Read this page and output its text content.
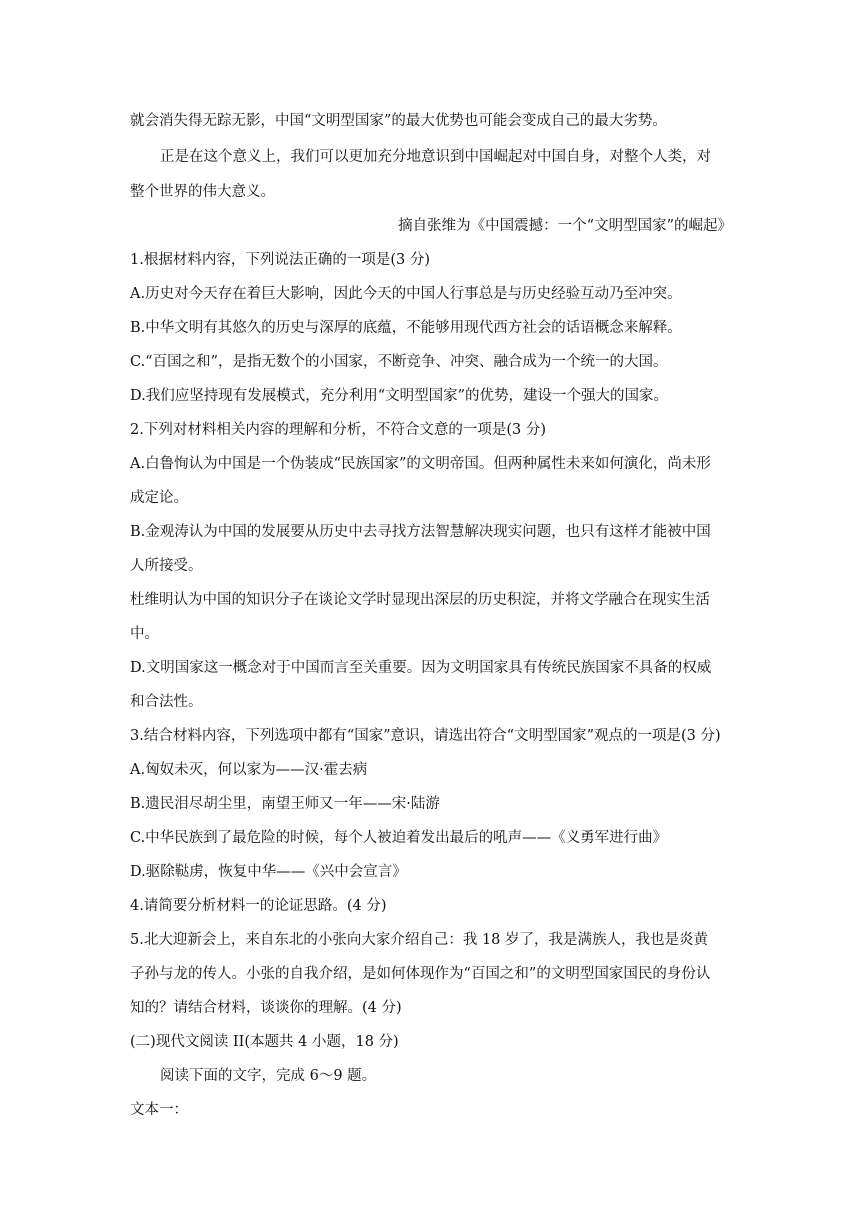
就会消失得无踪无影，中国“文明型国家”的最大优势也可能会变成自己的最大劣势。
正是在这个意义上，我们可以更加充分地意识到中国崛起对中国自身，对整个人类，对
整个世界的伟大意义。
摘自张维为《中国震撼：一个“文明型国家”的崛起》
1.根据材料内容，下列说法正确的一项是(3 分)
A.历史对今天存在着巨大影响，因此今天的中国人行事总是与历史经验互动乃至冲突。
B.中华文明有其悠久的历史与深厚的底蕴，不能够用现代西方社会的话语概念来解释。
C.“百国之和”，是指无数个的小国家，不断竞争、冲突、融合成为一个统一的大国。
D.我们应坚持现有发展模式，充分利用“文明型国家”的优势，建设一个强大的国家。
2.下列对材料相关内容的理解和分析，不符合文意的一项是(3 分)
A.白鲁恂认为中国是一个伪装成“民族国家”的文明帝国。但两种属性未来如何演化，尚未形
成定论。
B.金观涛认为中国的发展要从历史中去寻找方法智慧解决现实问题，也只有这样才能被中国
人所接受。
杜维明认为中国的知识分子在谈论文学时显现出深层的历史积淀，并将文学融合在现实生活
中。
D.文明国家这一概念对于中国而言至关重要。因为文明国家具有传统民族国家不具备的权威
和合法性。
3.结合材料内容，下列选项中都有“国家”意识，请选出符合“文明型国家”观点的一项是(3 分)
A.匈奴未灭，何以家为——汉·霍去病
B.遗民泪尽胡尘里，南望王师又一年——宋·陆游
C.中华民族到了最危险的时候，每个人被迫着发出最后的吼声——《义勇军进行曲》
D.驱除鞑虏，恢复中华——《兴中会宣言》
4.请简要分析材料一的论证思路。(4 分)
5.北大迎新会上，来自东北的小张向大家介绍自己：我 18 岁了，我是满族人，我也是炎黄
子孙与龙的传人。小张的自我介绍，是如何体现作为“百国之和”的文明型国家国民的身份认
知的？请结合材料，谈谈你的理解。(4 分)
(二)现代文阅读 II(本题共 4 小题，18 分)
阅读下面的文字，完成 6～9 题。
文本一：
